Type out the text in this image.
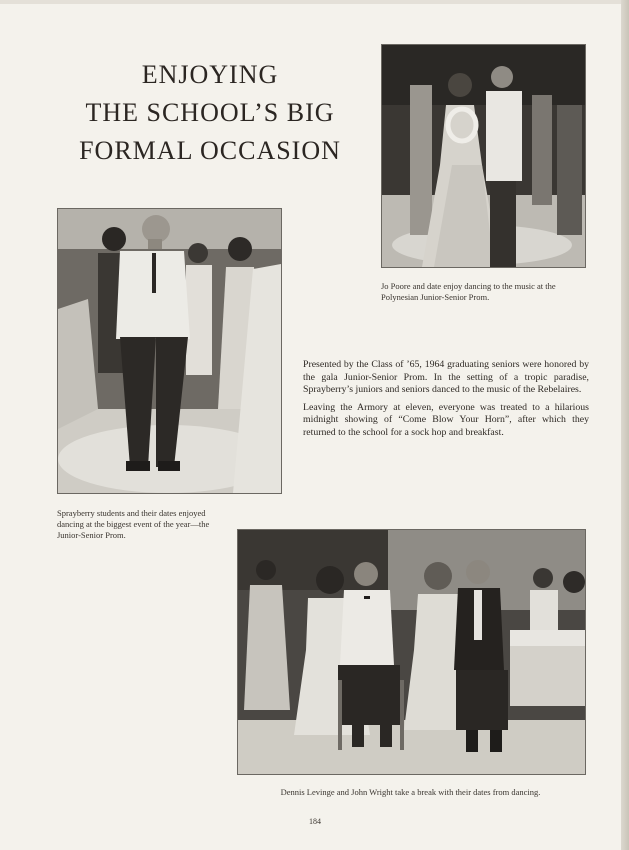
ENJOYING
THE SCHOOL’S BIG
FORMAL OCCASION
Jo Poore and date enjoy dancing to the music at the Polynesian Junior-Senior Prom.
Sprayberry students and their dates enjoyed dancing at the biggest event of the year—the Junior-Senior Prom.

Presented by the Class of ’65, 1964 graduating seniors were honored by the gala Junior-Senior Prom. In the setting of a tropic paradise, Sprayberry’s juniors and seniors danced to the music of the Rebelaires.

Leaving the Armory at eleven, everyone was treated to a hilarious midnight showing of “Come Blow Your Horn”, after which they returned to the school for a sock hop and breakfast.

Dennis Levinge and John Wright take a break with their dates from dancing.
184
